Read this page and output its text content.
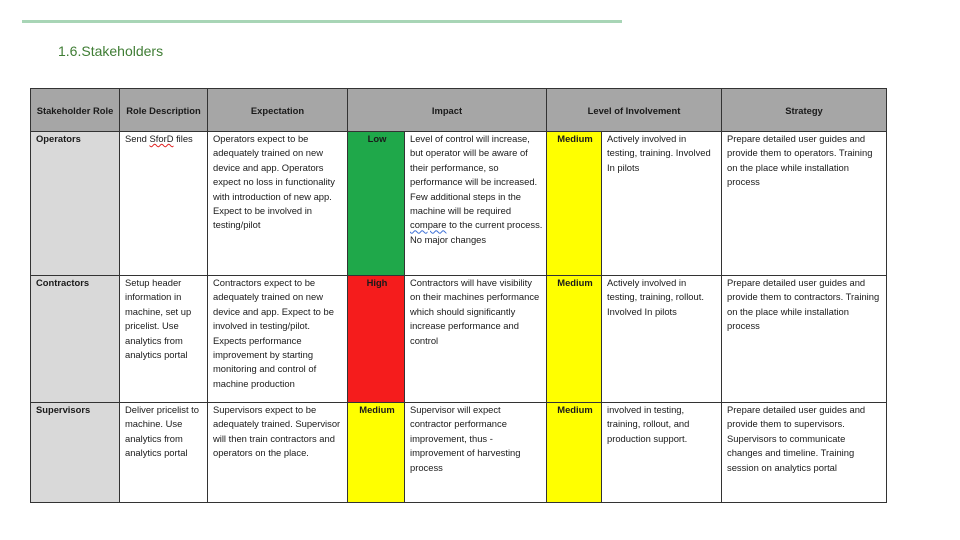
1.6.Stakeholders
Stakeholder Role	Role Description	Expectation	Impact		Level of Involvement		Strategy
Operators	Send SforD files	Operators expect to be adequately trained on new device and app. Operators expect no loss in functionality with introduction of new app. Expect to be involved in testing/pilot	Low	Level of control will increase, but operator will be aware of their performance, so performance will be increased. Few additional steps in the machine will be required compare to the current process. No major changes	Medium	Actively involved in testing, training. Involved In pilots	Prepare detailed user guides and provide them to operators. Training on the place while installation process
Contractors	Setup header information in machine, set up pricelist. Use analytics from analytics portal	Contractors expect to be adequately trained on new device and app. Expect to be involved in testing/pilot. Expects performance improvement by starting monitoring and control of machine production	High	Contractors will have visibility on their machines performance which should significantly increase performance and control	Medium	Actively involved in testing, training, rollout. Involved In pilots	Prepare detailed user guides and provide them to contractors. Training on the place while installation process
Supervisors	Deliver pricelist to machine. Use analytics from analytics portal	Supervisors expect to be adequately trained. Supervisor will then train contractors and operators on the place.	Medium	Supervisor will expect contractor performance improvement, thus - improvement of harvesting process	Medium	involved in testing, training, rollout, and production support.	Prepare detailed user guides and provide them to supervisors. Supervisors to communicate changes and timeline. Training session on analytics portal
